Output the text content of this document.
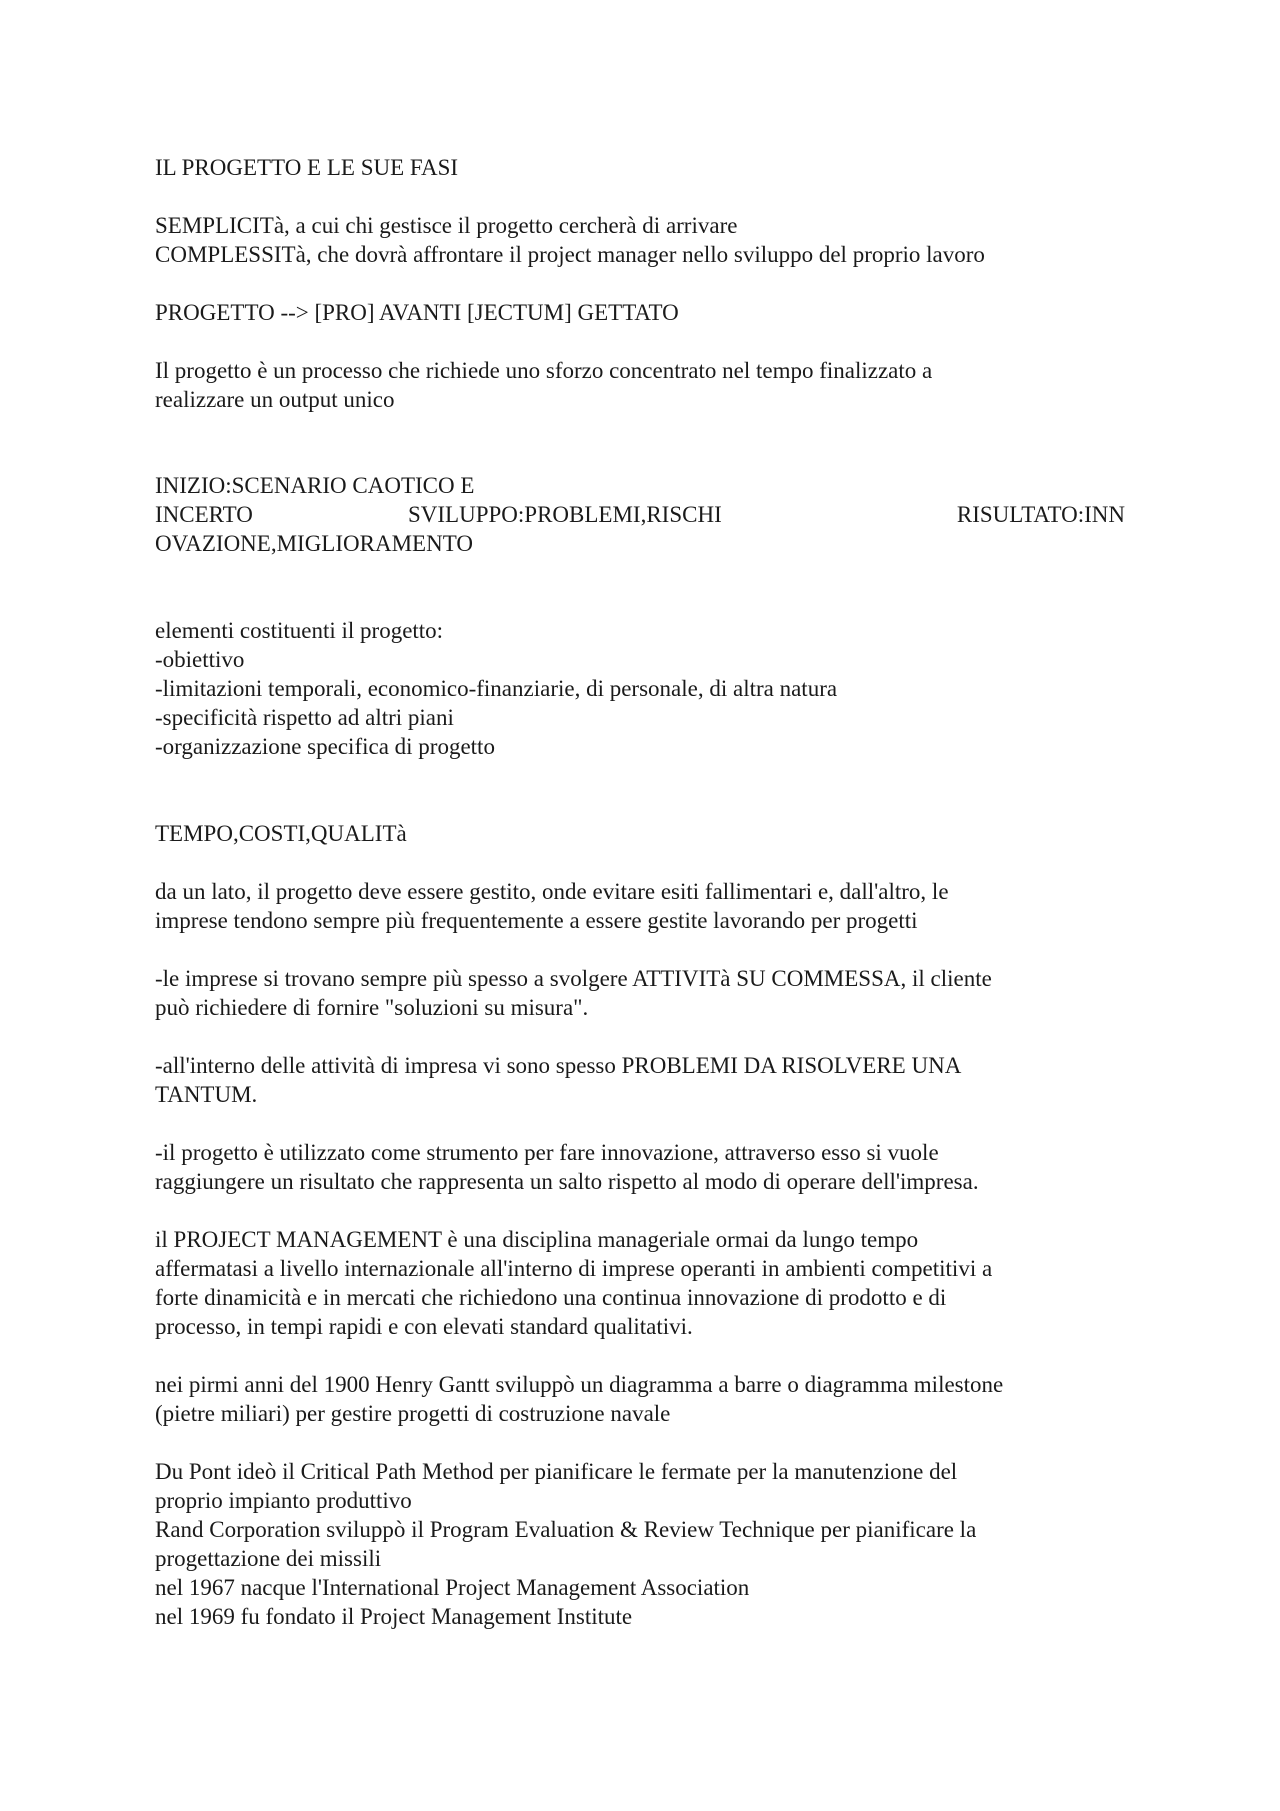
IL PROGETTO E LE SUE FASI
SEMPLICITà, a cui chi gestisce il progetto cercherà di arrivare
COMPLESSITà, che dovrà affrontare il project manager nello sviluppo del proprio lavoro
PROGETTO --> [PRO] AVANTI [JECTUM] GETTATO
Il progetto è un processo che richiede uno sforzo concentrato nel tempo finalizzato a
realizzare un output unico
INIZIO:SCENARIO CAOTICO E
INCERTO	SVILUPPO:PROBLEMI,RISCHI	RISULTATO:INN
OVAZIONE,MIGLIORAMENTO
elementi costituenti il progetto:
-obiettivo
-limitazioni temporali, economico-finanziarie, di personale, di altra natura
-specificità rispetto ad altri piani
-organizzazione specifica di progetto
TEMPO,COSTI,QUALITà
da un lato, il progetto deve essere gestito, onde evitare esiti fallimentari e, dall'altro, le
imprese tendono sempre più frequentemente a essere gestite lavorando per progetti
-le imprese si trovano sempre più spesso a svolgere ATTIVITà SU COMMESSA, il cliente
può richiedere di fornire "soluzioni su misura".
-all'interno delle attività di impresa vi sono spesso PROBLEMI DA RISOLVERE UNA
TANTUM.
-il progetto è utilizzato come strumento per fare innovazione, attraverso esso si vuole
raggiungere un risultato che rappresenta un salto rispetto al modo di operare dell'impresa.
il PROJECT MANAGEMENT è una disciplina manageriale ormai da lungo tempo
affermatasi a livello internazionale all'interno di imprese operanti in ambienti competitivi a
forte dinamicità e in mercati che richiedono una continua innovazione di prodotto e di
processo, in tempi rapidi e con elevati standard qualitativi.
nei pirmi anni del 1900 Henry Gantt sviluppò un diagramma a barre o diagramma milestone
(pietre miliari) per gestire progetti di costruzione navale
Du Pont ideò il Critical Path Method per pianificare le fermate per la manutenzione del
proprio impianto produttivo
Rand Corporation sviluppò il Program Evaluation & Review Technique per pianificare la
progettazione dei missili
nel 1967 nacque l'International Project Management Association
nel 1969 fu fondato il Project Management Institute
